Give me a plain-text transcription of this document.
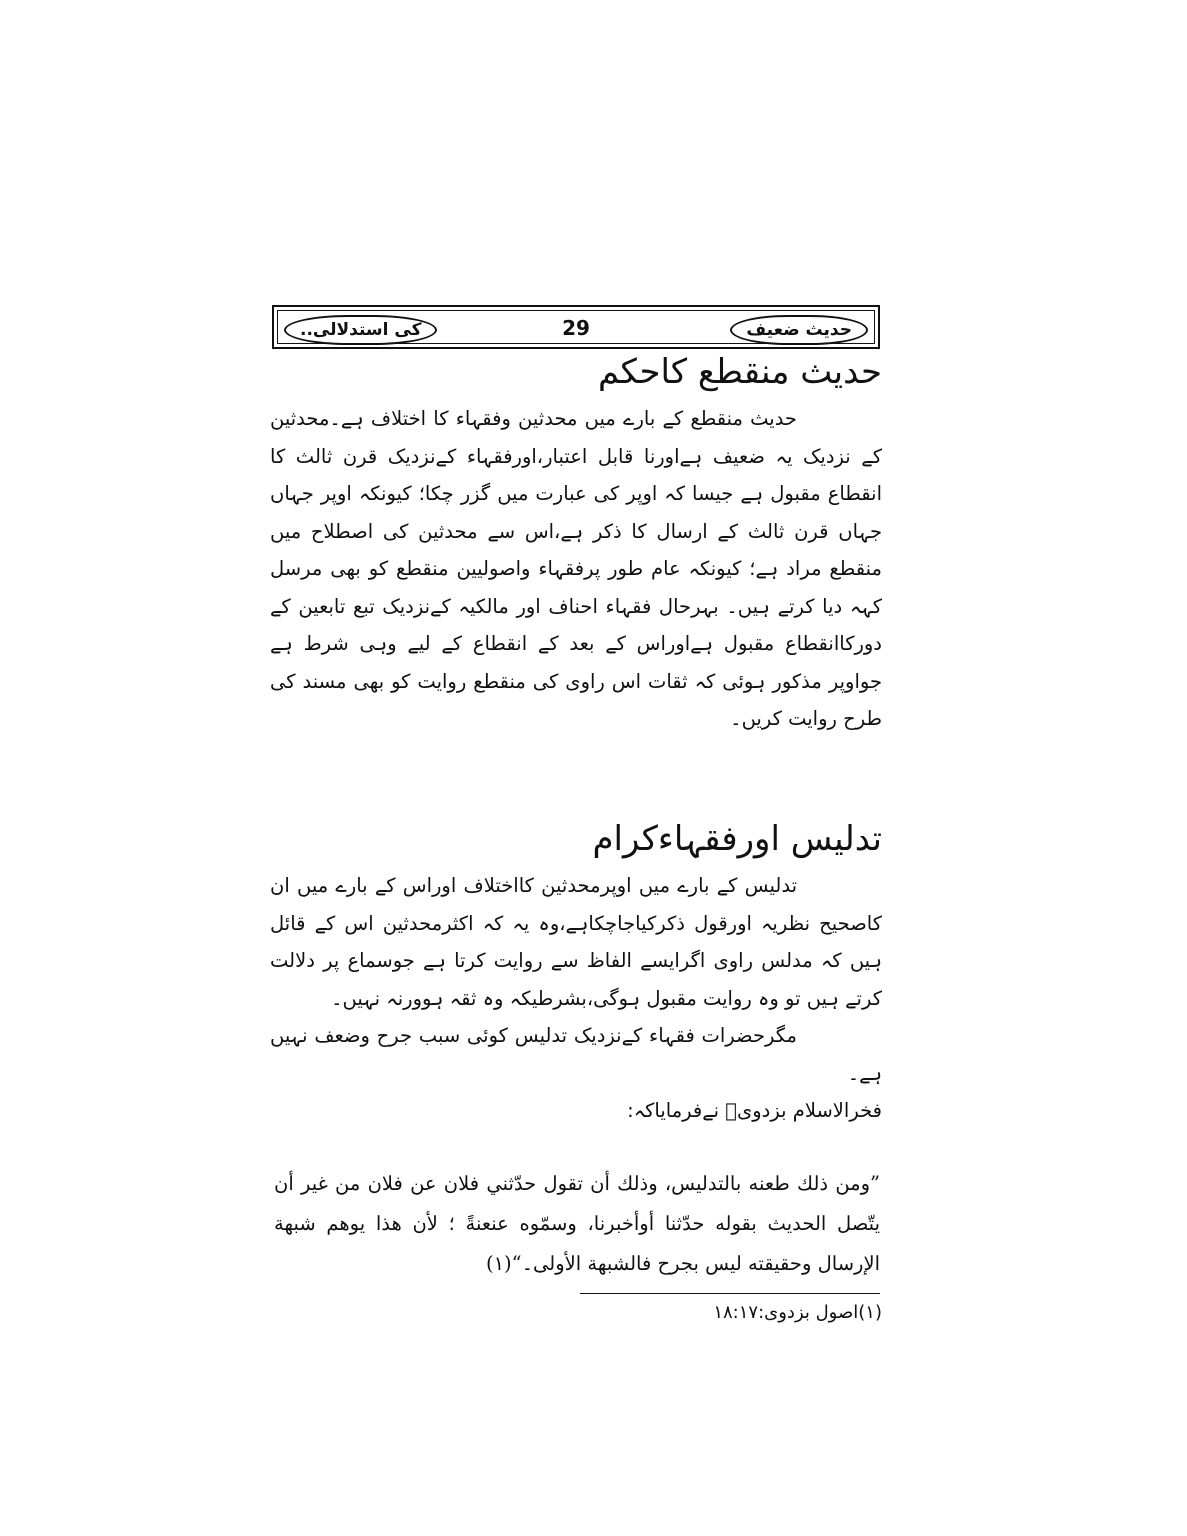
حدیث ضعیف
29
کی استدلالی..
حدیث منقطع کاحکم

حدیث منقطع کے بارے میں محدثین وفقہاء کا اختلاف ہے۔محدثین کے نزدیک یہ ضعیف ہےاورنا قابل اعتبار،اورفقہاء کےنزدیک قرن ثالث کا انقطاع مقبول ہے جیسا کہ اوپر کی عبارت میں گزر چکا؛ کیونکہ اوپر جہاں جہاں قرن ثالث کے ارسال کا ذکر ہے،اس سے محدثین کی اصطلاح میں منقطع مراد ہے؛ کیونکہ عام طور پرفقہاء واصولیین منقطع کو بھی مرسل کہہ دیا کرتے ہیں۔ بہرحال فقہاء احناف اور مالکیہ کےنزدیک تبع تابعین کے دورکاانقطاع مقبول ہےاوراس کے بعد کے انقطاع کے لیے وہی شرط ہے جواوپر مذکور ہوئی کہ ثقات اس راوی کی منقطع روایت کو بھی مسند کی طرح روایت کریں۔

تدلیس اورفقہاءکرام

تدلیس کے بارے میں اوپرمحدثین کااختلاف اوراس کے بارے میں ان کاصحیح نظریہ اورقول ذکرکیاجاچکاہے،وہ یہ کہ اکثرمحدثین اس کے قائل ہیں کہ مدلس راوی اگرایسے الفاظ سے روایت کرتا ہے جوسماع پر دلالت کرتے ہیں تو وہ روایت مقبول ہوگی،بشرطیکہ وہ ثقہ ہوورنہ نہیں۔

مگرحضرات فقہاء کےنزدیک تدلیس کوئی سبب جرح وضعف نہیں ہے۔

فخرالاسلام بزدویؒ نےفرمایاکہ:

”ومن ذلك طعنه بالتدليس، وذلك أن تقول حدّثني فلان عن فلان من غير أن يتّصل الحديث بقوله حدّثنا أوأخبرنا، وسمّوه عنعنةً ؛ لأن هذا يوهم شبهة الإرسال وحقيقته ليس بجرح فالشبهة الأولى۔“(۱)

(۱)اصول بزدوی:۱۸:۱۷
